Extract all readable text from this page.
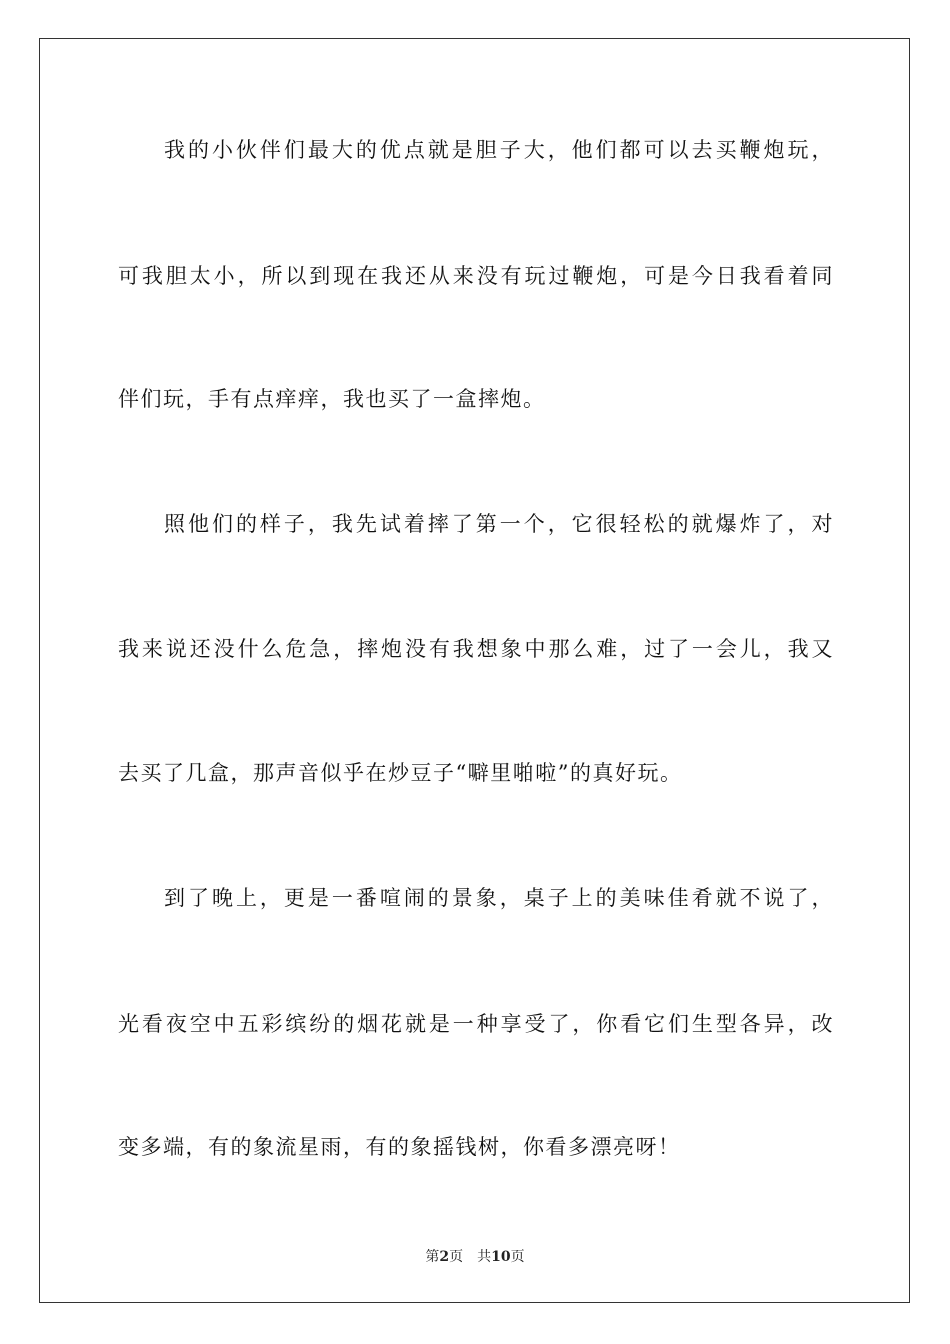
我的小伙伴们最大的优点就是胆子大，他们都可以去买鞭炮玩，
可我胆太小，所以到现在我还从来没有玩过鞭炮，可是今日我看着同
伴们玩，手有点痒痒，我也买了一盒摔炮。
照他们的样子，我先试着摔了第一个，它很轻松的就爆炸了，对
我来说还没什么危急，摔炮没有我想象中那么难，过了一会儿，我又
去买了几盒，那声音似乎在炒豆子“噼里啪啦”的真好玩。
到了晚上，更是一番喧闹的景象，桌子上的美味佳肴就不说了，
光看夜空中五彩缤纷的烟花就是一种享受了，你看它们生型各异，改
变多端，有的象流星雨，有的象摇钱树，你看多漂亮呀！
第2页 共10页
